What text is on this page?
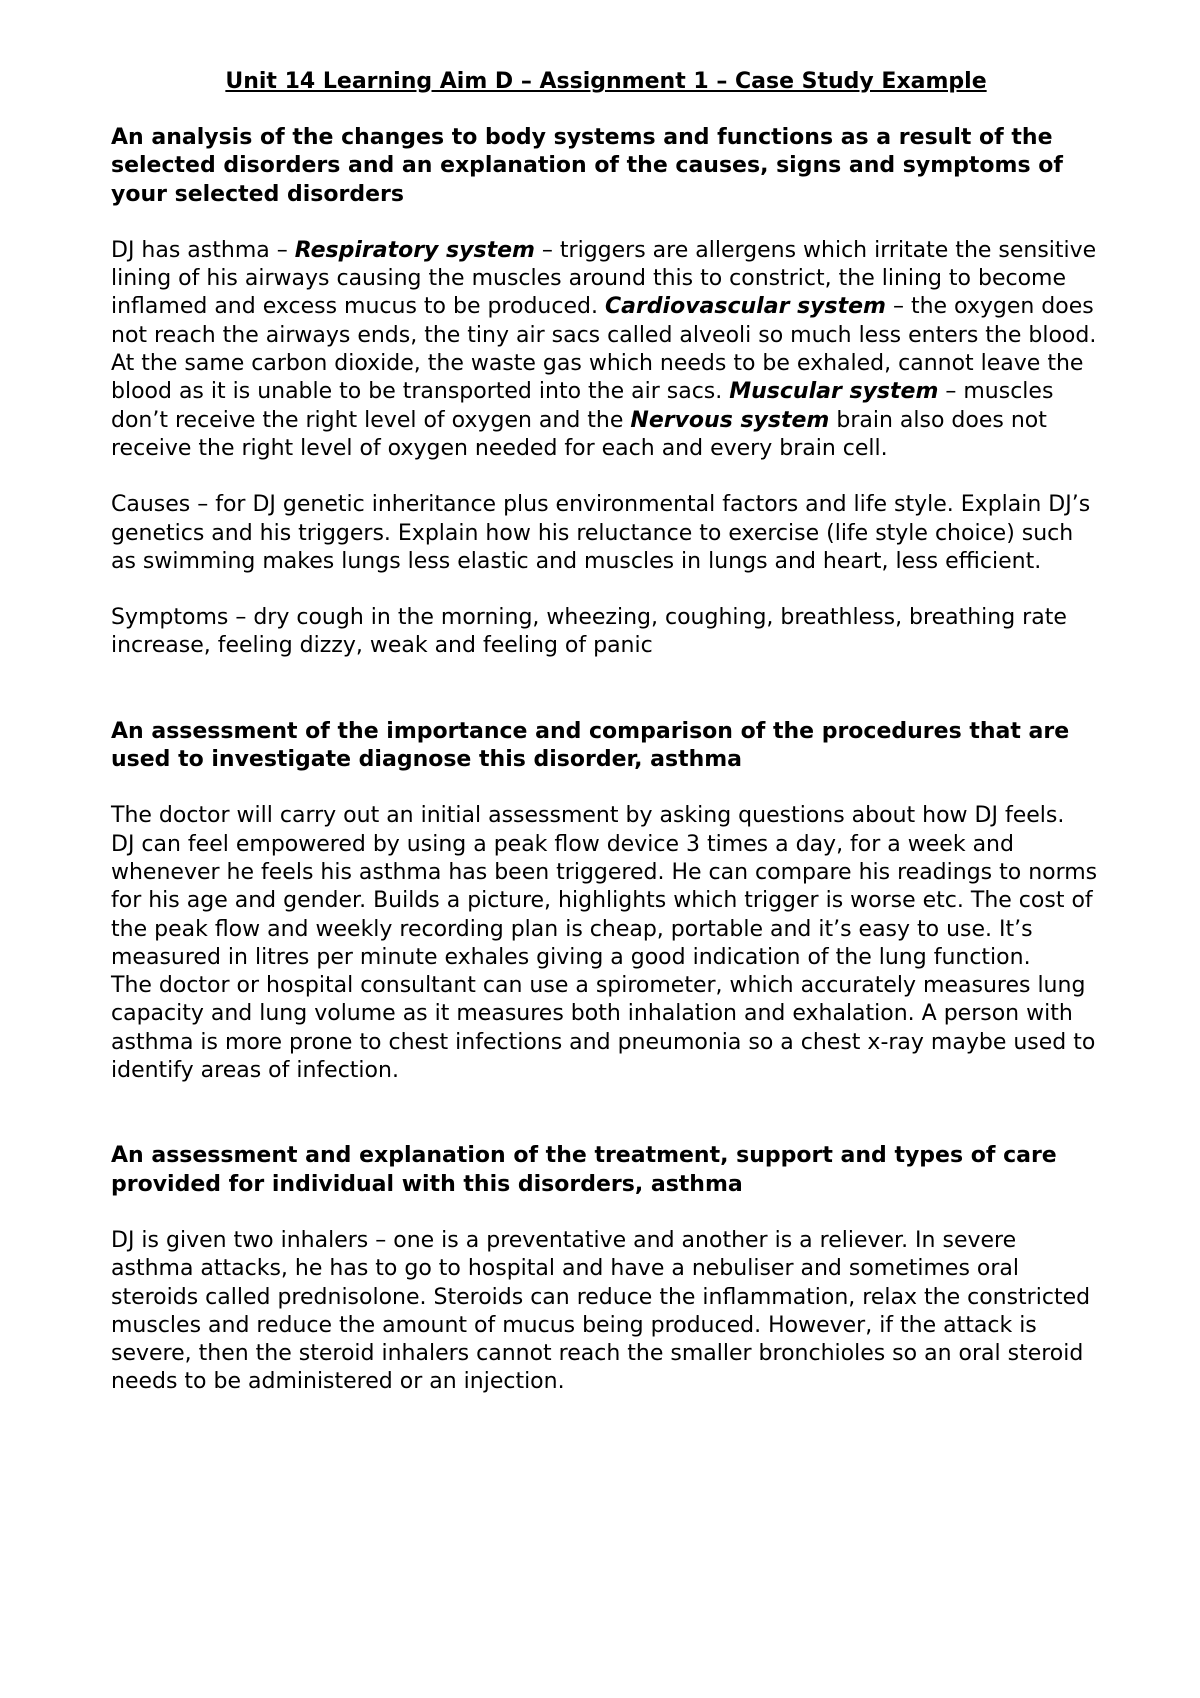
Unit 14 Learning Aim D – Assignment 1 – Case Study Example
An analysis of the changes to body systems and functions as a result of the selected disorders and an explanation of the causes, signs and symptoms of your selected disorders

DJ has asthma – Respiratory system – triggers are allergens which irritate the sensitive lining of his airways causing the muscles around this to constrict, the lining to become inflamed and excess mucus to be produced. Cardiovascular system – the oxygen does not reach the airways ends, the tiny air sacs called alveoli so much less enters the blood. At the same carbon dioxide, the waste gas which needs to be exhaled, cannot leave the blood as it is unable to be transported into the air sacs. Muscular system – muscles don’t receive the right level of oxygen and the Nervous system brain also does not receive the right level of oxygen needed for each and every brain cell.

Causes – for DJ genetic inheritance plus environmental factors and life style. Explain DJ’s genetics and his triggers. Explain how his reluctance to exercise (life style choice) such as swimming makes lungs less elastic and muscles in lungs and heart, less efficient.

Symptoms – dry cough in the morning, wheezing, coughing, breathless, breathing rate increase, feeling dizzy, weak and feeling of panic

An assessment of the importance and comparison of the procedures that are used to investigate diagnose this disorder, asthma

The doctor will carry out an initial assessment by asking questions about how DJ feels.

DJ can feel empowered by using a peak flow device 3 times a day, for a week and whenever he feels his asthma has been triggered. He can compare his readings to norms for his age and gender. Builds a picture, highlights which trigger is worse etc. The cost of the peak flow and weekly recording plan is cheap, portable and it’s easy to use. It’s measured in litres per minute exhales giving a good indication of the lung function.

The doctor or hospital consultant can use a spirometer, which accurately measures lung capacity and lung volume as it measures both inhalation and exhalation. A person with asthma is more prone to chest infections and pneumonia so a chest x-ray maybe used to identify areas of infection.

An assessment and explanation of the treatment, support and types of care provided for individual with this disorders, asthma

DJ is given two inhalers – one is a preventative and another is a reliever. In severe asthma attacks, he has to go to hospital and have a nebuliser and sometimes oral steroids called prednisolone. Steroids can reduce the inflammation, relax the constricted muscles and reduce the amount of mucus being produced. However, if the attack is severe, then the steroid inhalers cannot reach the smaller bronchioles so an oral steroid needs to be administered or an injection.
